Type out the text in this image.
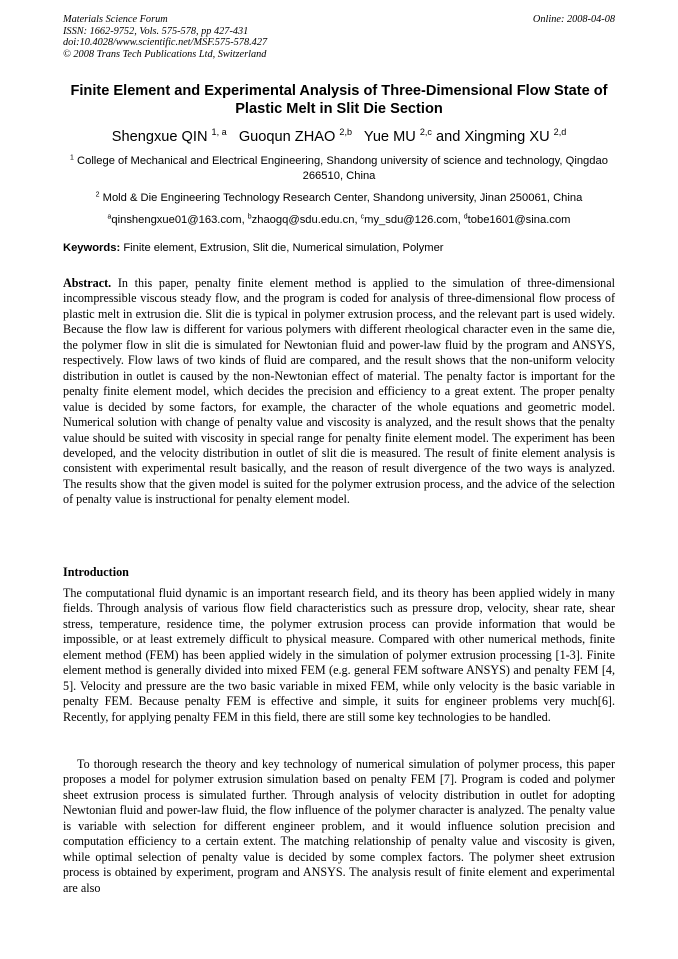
Materials Science Forum
ISSN: 1662-9752, Vols. 575-578, pp 427-431
doi:10.4028/www.scientific.net/MSF.575-578.427
© 2008 Trans Tech Publications Ltd, Switzerland
Online: 2008-04-08
Finite Element and Experimental Analysis of Three-Dimensional Flow State of Plastic Melt in Slit Die Section
Shengxue QIN $^{1, a}$ Guoqun ZHAO $^{2,b}$ Yue MU $^{2,c}$ and Xingming XU $^{2,d}$
$^1$ College of Mechanical and Electrical Engineering, Shandong university of science and technology, Qingdao 266510, China
$^2$ Mold & Die Engineering Technology Research Center, Shandong university, Jinan 250061, China
$^a$qinshengxue01@163.com, $^b$zhaogq@sdu.edu.cn, $^c$my_sdu@126.com, $^d$tobe1601@sina.com
Keywords: Finite element, Extrusion, Slit die, Numerical simulation, Polymer
Abstract. In this paper, penalty finite element method is applied to the simulation of three-dimensional incompressible viscous steady flow, and the program is coded for analysis of three-dimensional flow process of plastic melt in extrusion die. Slit die is typical in polymer extrusion process, and the relevant part is used widely. Because the flow law is different for various polymers with different rheological character even in the same die, the polymer flow in slit die is simulated for Newtonian fluid and power-law fluid by the program and ANSYS, respectively. Flow laws of two kinds of fluid are compared, and the result shows that the non-uniform velocity distribution in outlet is caused by the non-Newtonian effect of material. The penalty factor is important for the penalty finite element model, which decides the precision and efficiency to a great extent. The proper penalty value is decided by some factors, for example, the character of the whole equations and geometric model. Numerical solution with change of penalty value and viscosity is analyzed, and the result shows that the penalty value should be suited with viscosity in special range for penalty finite element model. The experiment has been developed, and the velocity distribution in outlet of slit die is measured. The result of finite element analysis is consistent with experimental result basically, and the reason of result divergence of the two ways is analyzed. The results show that the given model is suited for the polymer extrusion process, and the advice of the selection of penalty value is instructional for penalty element model.
Introduction
The computational fluid dynamic is an important research field, and its theory has been applied widely in many fields. Through analysis of various flow field characteristics such as pressure drop, velocity, shear rate, shear stress, temperature, residence time, the polymer extrusion process can provide information that would be impossible, or at least extremely difficult to physical measure. Compared with other numerical methods, finite element method (FEM) has been applied widely in the simulation of polymer extrusion processing [1-3]. Finite element method is generally divided into mixed FEM (e.g. general FEM software ANSYS) and penalty FEM [4, 5]. Velocity and pressure are the two basic variable in mixed FEM, while only velocity is the basic variable in penalty FEM. Because penalty FEM is effective and simple, it suits for engineer problems very much[6]. Recently, for applying penalty FEM in this field, there are still some key technologies to be handled.
To thorough research the theory and key technology of numerical simulation of polymer process, this paper proposes a model for polymer extrusion simulation based on penalty FEM [7]. Program is coded and polymer sheet extrusion process is simulated further. Through analysis of velocity distribution in outlet for adopting Newtonian fluid and power-law fluid, the flow influence of the polymer character is analyzed. The penalty value is variable with selection for different engineer problem, and it would influence solution precision and computation efficiency to a certain extent. The matching relationship of penalty value and viscosity is given, while optimal selection of penalty value is decided by some complex factors. The polymer sheet extrusion process is obtained by experiment, program and ANSYS. The analysis result of finite element and experimental are also
